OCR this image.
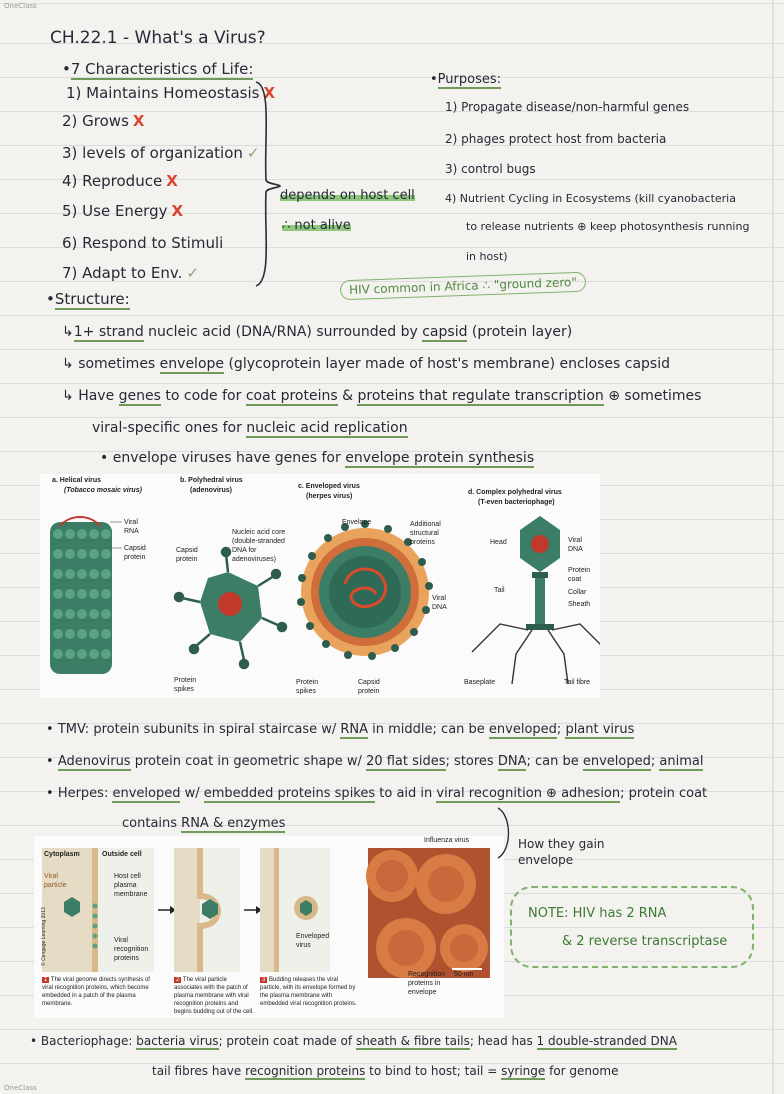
OneClass
OneClass
CH.22.1 - What's a Virus?
•7 Characteristics of Life:
1) Maintains Homeostasis X
2) Grows X
3) levels of organization ✓
4) Reproduce X
5) Use Energy X
6) Respond to Stimuli
7) Adapt to Env. ✓
depends on host cell
∴ not alive
•Purposes:
1) Propagate disease/non-harmful genes
2) phages protect host from bacteria
3) control bugs
4) Nutrient Cycling in Ecosystems (kill cyanobacteria
to release nutrients ⊕ keep photosynthesis running
in host)
HIV common in Africa ∴ "ground zero"
•Structure:
↳1+ strand nucleic acid (DNA/RNA) surrounded by capsid (protein layer)
↳ sometimes envelope (glycoprotein layer made of host's membrane) encloses capsid
↳ Have genes to code for coat proteins & proteins that regulate transcription ⊕ sometimes
viral-specific ones for nucleic acid replication
• envelope viruses have genes for envelope protein synthesis
a. Helical virus
(Tobacco mosaic virus)
b. Polyhedral virus
(adenovirus)
c. Enveloped virus
(herpes virus)
d. Complex polyhedral virus
(T-even bacteriophage)
Viral RNA
Capsid protein
Nucleic acid core (double-stranded DNA for adenoviruses)
Capsid protein
Protein spikes
Envelope	Additional structural proteins
Viral DNA
Protein spikes
Capsid protein
Head	Viral DNA
Protein coat
Tail	Collar
Sheath
Baseplate	Tail fibre
• TMV: protein subunits in spiral staircase w/ RNA in middle; can be enveloped; plant virus
• Adenovirus protein coat in geometric shape w/ 20 flat sides; stores DNA; can be enveloped; animal
• Herpes: enveloped w/ embedded proteins spikes to aid in viral recognition ⊕ adhesion; protein coat
contains RNA & enzymes
Cytoplasm	Outside cell
Viral particle
Host cell plasma membrane
Viral recognition proteins
Enveloped virus
Influenza virus
Recognition proteins in envelope
50 nm
© Cengage Learning 2013
1 The viral genome directs synthesis of viral recognition proteins, which become embedded in a patch of the plasma membrane.
2 The viral particle associates with the patch of plasma membrane with viral recognition proteins and begins budding out of the cell.
3 Budding releases the viral particle, with its envelope formed by the plasma membrane with embedded viral recognition proteins.
How they gain envelope
NOTE: HIV has 2 RNA
& 2 reverse transcriptase
• Bacteriophage: bacteria virus; protein coat made of sheath & fibre tails; head has 1 double-stranded DNA
tail fibres have recognition proteins to bind to host; tail = syringe for genome
